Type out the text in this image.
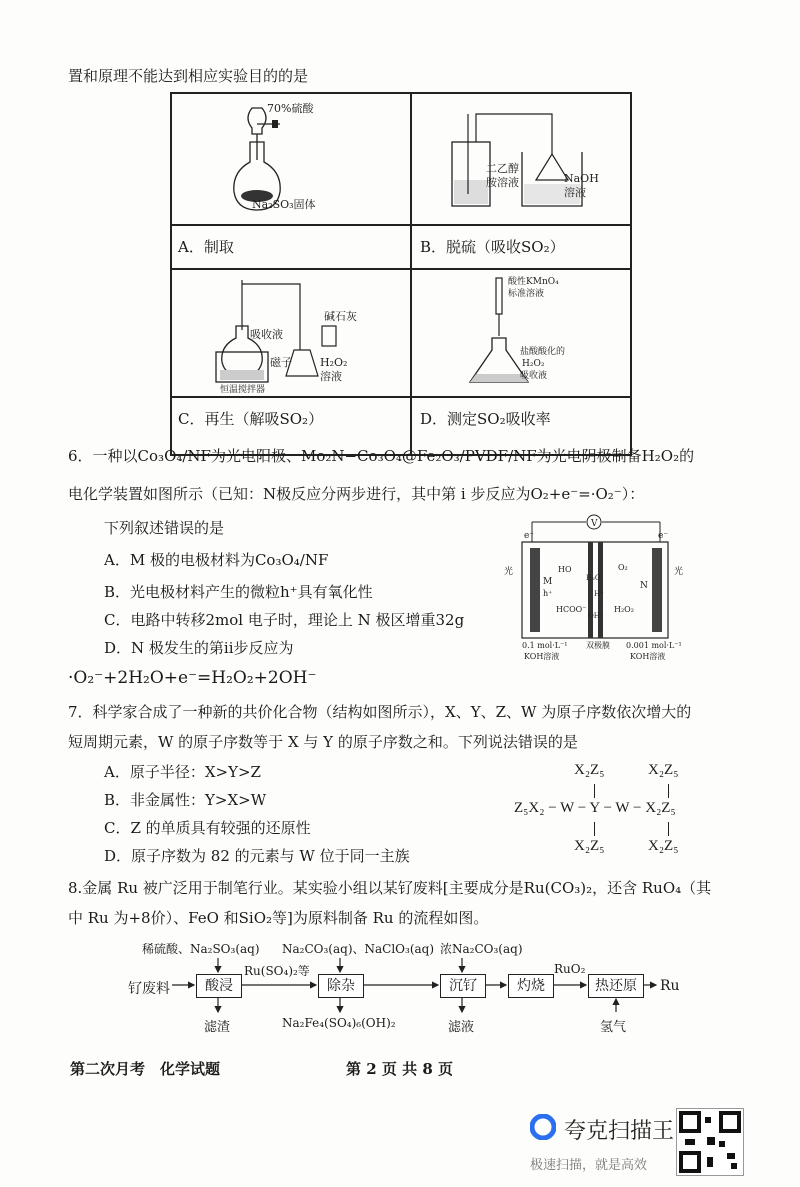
置和原理不能达到相应实验目的的是
70%硫酸
Na₂SO₃固体
A．制取
二乙醇
胺溶液	NaOH
溶液
B．脱硫（吸收SO₂）
吸收液
碱石灰
磁子	H₂O₂
溶液
恒温搅拌器
C．再生（解吸SO₂）
酸性KMnO₄
标准溶液
盐酸酸化的
H₂O₂
吸收液
D．测定SO₂吸收率
6．一种以Co₃O₄/NF为光电阳极、Mo₂N−Co₃O₄@Fe₂O₃/PVDF/NF为光电阴极制备H₂O₂的
电化学装置如图所示（已知：N极反应分两步进行，其中第 i 步反应为O₂+e⁻=·O₂⁻）：
下列叙述错误的是
A．M 极的电极材料为Co₃O₄/NF
B．光电极材料产生的微粒h⁺具有氧化性
C．电路中转移2mol 电子时，理论上 N 极区增重32g
D．N 极发生的第ii步反应为
·O₂⁻+2H₂O+e⁻=H₂O₂+2OH⁻
V
光	光
e⁻	e⁻
M
h⁺
HO
HCOO⁻
N
O₂
H₂O₂
H₂O
H⁺
OH⁻
0.1 mol·L⁻¹
KOH溶液
双极膜 0.001 mol·L⁻¹
KOH溶液
7．科学家合成了一种新的共价化合物（结构如图所示），X、Y、Z、W 为原子序数依次增大的
短周期元素，W 的原子序数等于 X 与 Y 的原子序数之和。下列说法错误的是
A．原子半径：X>Y>Z
B．非金属性：Y>X>W
C．Z 的单质具有较强的还原性
D．原子序数为 82 的元素与 W 位于同一主族
X₂Z₅	X₂Z₅
Z₅X₂ − W − Y − W − X₂Z₅
X₂Z₅	X₂Z₅
8.金属 Ru 被广泛用于制笔行业。某实验小组以某钌废料[主要成分是Ru(CO₃)₂，还含 RuO₄（其
中 Ru 为+8价）、FeO 和SiO₂等]为原料制备 Ru 的流程如图。
稀硫酸、Na₂SO₃(aq) Na₂CO₃(aq)、NaClO₃(aq) 浓Na₂CO₃(aq)
钌废料	酸浸
Ru(SO₄)₂等
除杂	沉钌	灼烧
RuO₂
热还原	Ru
滤渣	Na₂Fe₄(SO₄)₆(OH)₂	滤液	氢气
第二次月考　化学试题	第 2 页 共 8 页
夸克扫描王
极速扫描，就是高效
